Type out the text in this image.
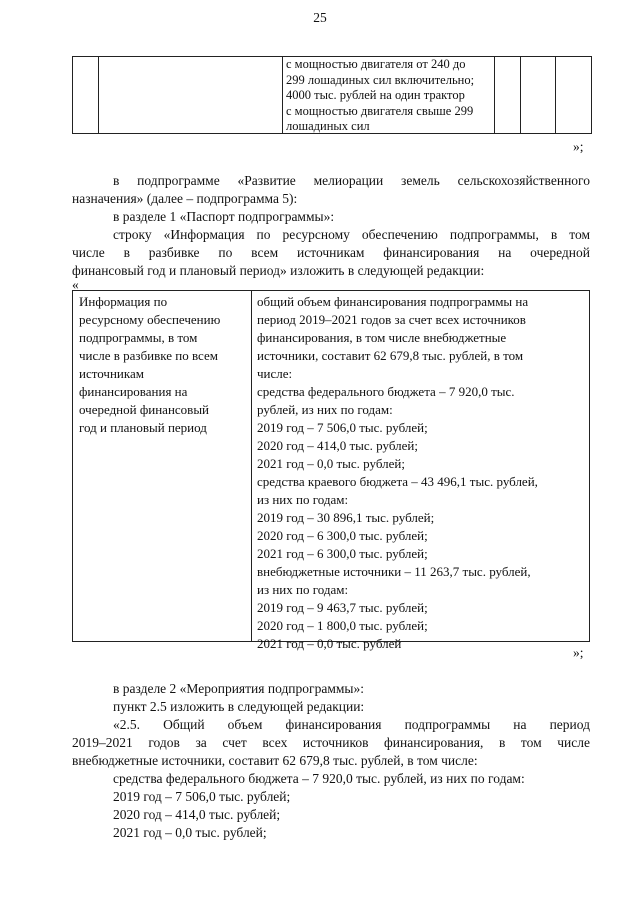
25
с мощностью двигателя от 240 до
299 лошадиных сил включительно;
4000 тыс. рублей на один трактор
с мощностью двигателя свыше 299
лошадиных сил
»;
в подпрограмме «Развитие мелиорации земель сельскохозяйственного
назначения» (далее – подпрограмма 5):
в разделе 1 «Паспорт подпрограммы»:
строку «Информация по ресурсному обеспечению подпрограммы, в том
числе в разбивке по всем источникам финансирования на очередной
финансовый год и плановый период» изложить в следующей редакции:
«
Информация по
ресурсному обеспечению
подпрограммы, в том
числе в разбивке по всем
источникам
финансирования на
очередной финансовый
год и плановый период
общий объем финансирования подпрограммы на
период 2019–2021 годов за счет всех источников
финансирования, в том числе внебюджетные
источники, составит 62 679,8 тыс. рублей, в том
числе:
средства федерального бюджета – 7 920,0 тыс.
рублей, из них по годам:
2019 год – 7 506,0 тыс. рублей;
2020 год – 414,0 тыс. рублей;
2021 год – 0,0 тыс. рублей;
средства краевого бюджета – 43 496,1 тыс. рублей,
из них по годам:
2019 год – 30 896,1 тыс. рублей;
2020 год – 6 300,0 тыс. рублей;
2021 год – 6 300,0 тыс. рублей;
внебюджетные источники – 11 263,7 тыс. рублей,
из них по годам:
2019 год – 9 463,7 тыс. рублей;
2020 год – 1 800,0 тыс. рублей;
2021 год – 0,0 тыс. рублей
»;
в разделе 2 «Мероприятия подпрограммы»:
пункт 2.5 изложить в следующей редакции:
«2.5. Общий объем финансирования подпрограммы на период
2019–2021 годов за счет всех источников финансирования, в том числе
внебюджетные источники, составит 62 679,8 тыс. рублей, в том числе:
средства федерального бюджета – 7 920,0 тыс. рублей, из них по годам:
2019 год – 7 506,0 тыс. рублей;
2020 год – 414,0 тыс. рублей;
2021 год – 0,0 тыс. рублей;
